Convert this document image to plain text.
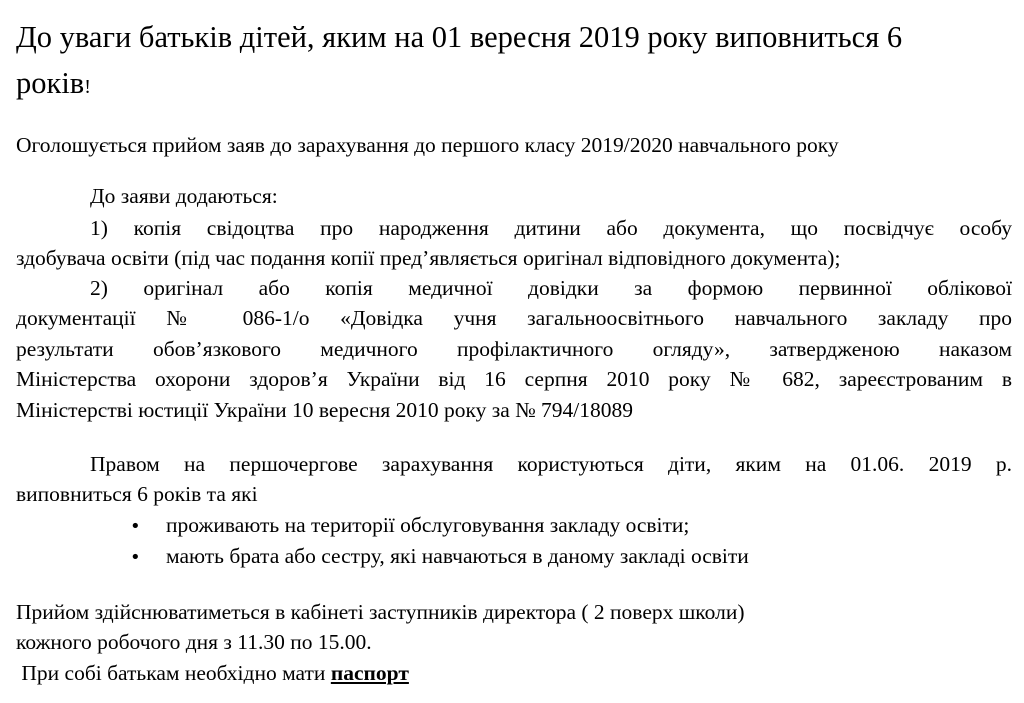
До уваги батьків дітей, яким на 01 вересня 2019 року виповниться 6
років!

Оголошується прийом заяв до зарахування до першого класу 2019/2020 навчального року

До заяви додаються:

1) копія свідоцтва про народження дитини або документа, що посвідчує особу

здобувача освіти (під час подання копії пред’являється оригінал відповідного документа);

2) оригінал або копія медичної довідки за формою первинної облікової

документації № 086-1/о «Довідка учня загальноосвітнього навчального закладу про

результати обов’язкового медичного профілактичного огляду», затвердженою наказом

Міністерства охорони здоров’я України від 16 серпня 2010 року № 682, зареєстрованим в

Міністерстві юстиції України 10 вересня 2010 року за № 794/18089

Правом на першочергове зарахування користуються діти, яким на 01.06. 2019 р.

виповниться 6 років та які

• проживають на території обслуговування закладу освіти;
• мають брата або сестру, які навчаються в даному закладі освіти

Прийом здійснюватиметься в кабінеті заступників директора ( 2 поверх школи)

кожного робочого дня з 11.30 по 15.00.

При собі батькам необхідно мати паспорт
